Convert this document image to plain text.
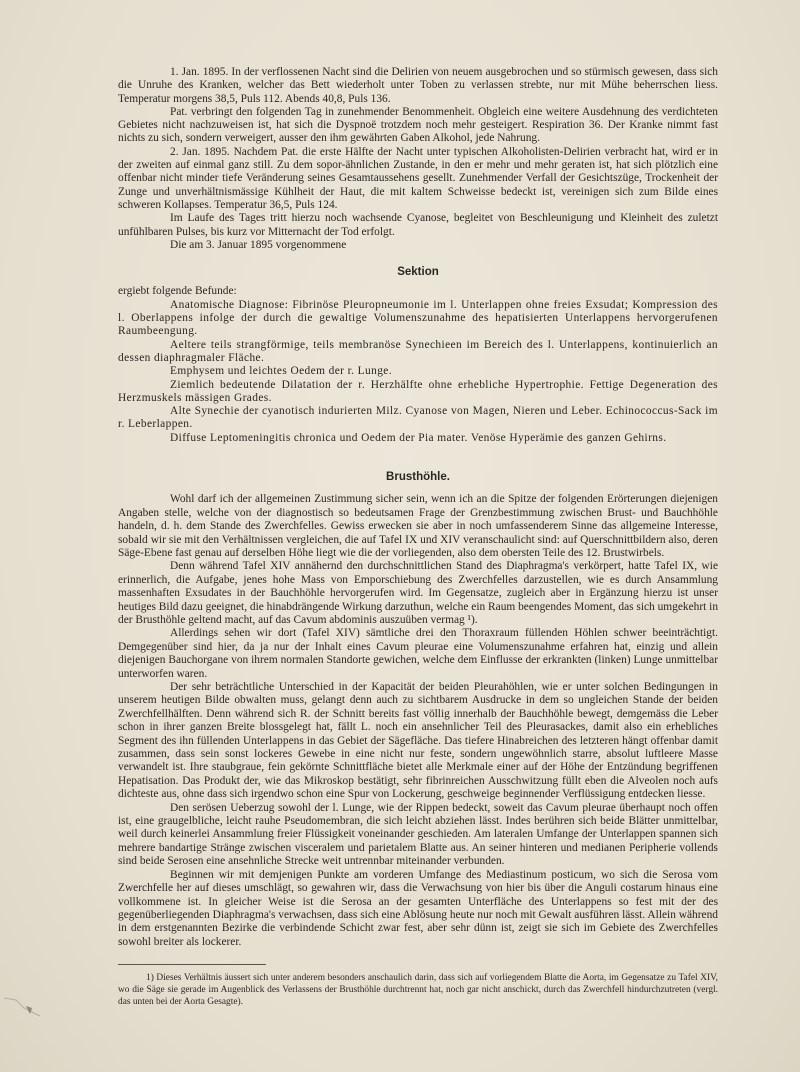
1. Jan. 1895. In der verflossenen Nacht sind die Delirien von neuem ausgebrochen und so stürmisch gewesen, dass sich die Unruhe des Kranken, welcher das Bett wiederholt unter Toben zu verlassen strebte, nur mit Mühe beherrschen liess. Temperatur morgens 38,5, Puls 112. Abends 40,8, Puls 136.

Pat. verbringt den folgenden Tag in zunehmender Benommenheit. Obgleich eine weitere Ausdehnung des verdichteten Gebietes nicht nachzuweisen ist, hat sich die Dyspnoë trotzdem noch mehr gesteigert. Respiration 36. Der Kranke nimmt fast nichts zu sich, sondern verweigert, ausser den ihm gewährten Gaben Alkohol, jede Nahrung.

2. Jan. 1895. Nachdem Pat. die erste Hälfte der Nacht unter typischen Alkoholisten-Delirien verbracht hat, wird er in der zweiten auf einmal ganz still. Zu dem sopor-ähnlichen Zustande, in den er mehr und mehr geraten ist, hat sich plötzlich eine offenbar nicht minder tiefe Veränderung seines Gesamtaussehens gesellt. Zunehmender Verfall der Gesichtszüge, Trockenheit der Zunge und unverhältnismässige Kühlheit der Haut, die mit kaltem Schweisse bedeckt ist, vereinigen sich zum Bilde eines schweren Kollapses. Temperatur 36,5, Puls 124.

Im Laufe des Tages tritt hierzu noch wachsende Cyanose, begleitet von Beschleunigung und Kleinheit des zuletzt unfühlbaren Pulses, bis kurz vor Mitternacht der Tod erfolgt.

Die am 3. Januar 1895 vorgenommene

Sektion

ergiebt folgende Befunde:

Anatomische Diagnose: Fibrinöse Pleuropneumonie im l. Unterlappen ohne freies Exsudat; Kompression des l. Oberlappens infolge der durch die gewaltige Volumenszunahme des hepatisierten Unterlappens hervorgerufenen Raumbeengung.

Aeltere teils strangförmige, teils membranöse Synechieen im Bereich des l. Unterlappens, kontinuierlich an dessen diaphragmaler Fläche.

Emphysem und leichtes Oedem der r. Lunge.

Ziemlich bedeutende Dilatation der r. Herzhälfte ohne erhebliche Hypertrophie. Fettige Degeneration des Herzmuskels mässigen Grades.

Alte Synechie der cyanotisch indurierten Milz. Cyanose von Magen, Nieren und Leber. Echinococcus-Sack im r. Leberlappen.

Diffuse Leptomeningitis chronica und Oedem der Pia mater. Venöse Hyperämie des ganzen Gehirns.

Brusthöhle.

Wohl darf ich der allgemeinen Zustimmung sicher sein, wenn ich an die Spitze der folgenden Erörterungen diejenigen Angaben stelle, welche von der diagnostisch so bedeutsamen Frage der Grenzbestimmung zwischen Brust- und Bauchhöhle handeln, d. h. dem Stande des Zwerchfelles. Gewiss erwecken sie aber in noch umfassenderem Sinne das allgemeine Interesse, sobald wir sie mit den Verhältnissen vergleichen, die auf Tafel IX und XIV veranschaulicht sind: auf Querschnittbildern also, deren Säge-Ebene fast genau auf derselben Höhe liegt wie die der vorliegenden, also dem obersten Teile des 12. Brustwirbels.

Denn während Tafel XIV annähernd den durchschnittlichen Stand des Diaphragma's verkörpert, hatte Tafel IX, wie erinnerlich, die Aufgabe, jenes hohe Mass von Emporschiebung des Zwerchfelles darzustellen, wie es durch Ansammlung massenhaften Exsudates in der Bauchhöhle hervorgerufen wird. Im Gegensatze, zugleich aber in Ergänzung hierzu ist unser heutiges Bild dazu geeignet, die hinabdrängende Wirkung darzuthun, welche ein Raum beengendes Moment, das sich umgekehrt in der Brusthöhle geltend macht, auf das Cavum abdominis auszuüben vermag ¹).

Allerdings sehen wir dort (Tafel XIV) sämtliche drei den Thoraxraum füllenden Höhlen schwer beeinträchtigt. Demgegenüber sind hier, da ja nur der Inhalt eines Cavum pleurae eine Volumenszunahme erfahren hat, einzig und allein diejenigen Bauchorgane von ihrem normalen Standorte gewichen, welche dem Einflusse der erkrankten (linken) Lunge unmittelbar unterworfen waren.

Der sehr beträchtliche Unterschied in der Kapacität der beiden Pleurahöhlen, wie er unter solchen Bedingungen in unserem heutigen Bilde obwalten muss, gelangt denn auch zu sichtbarem Ausdrucke in dem so ungleichen Stande der beiden Zwerchfellhälften. Denn während sich R. der Schnitt bereits fast völlig innerhalb der Bauchhöhle bewegt, demgemäss die Leber schon in ihrer ganzen Breite blossgelegt hat, fällt L. noch ein ansehnlicher Teil des Pleurasackes, damit also ein erhebliches Segment des ihn füllenden Unterlappens in das Gebiet der Sägefläche. Das tiefere Hinabreichen des letzteren hängt offenbar damit zusammen, dass sein sonst lockeres Gewebe in eine nicht nur feste, sondern ungewöhnlich starre, absolut luftleere Masse verwandelt ist. Ihre staubgraue, fein gekörnte Schnittfläche bietet alle Merkmale einer auf der Höhe der Entzündung begriffenen Hepatisation. Das Produkt der, wie das Mikroskop bestätigt, sehr fibrinreichen Ausschwitzung füllt eben die Alveolen noch aufs dichteste aus, ohne dass sich irgendwo schon eine Spur von Lockerung, geschweige beginnender Verflüssigung entdecken liesse.

Den serösen Ueberzug sowohl der l. Lunge, wie der Rippen bedeckt, soweit das Cavum pleurae überhaupt noch offen ist, eine graugelbliche, leicht rauhe Pseudomembran, die sich leicht abziehen lässt. Indes berühren sich beide Blätter unmittelbar, weil durch keinerlei Ansammlung freier Flüssigkeit voneinander geschieden. Am lateralen Umfange der Unterlappen spannen sich mehrere bandartige Stränge zwischen visceralem und parietalem Blatte aus. An seiner hinteren und medianen Peripherie vollends sind beide Serosen eine ansehnliche Strecke weit untrennbar miteinander verbunden.

Beginnen wir mit demjenigen Punkte am vorderen Umfange des Mediastinum posticum, wo sich die Serosa vom Zwerchfelle her auf dieses umschlägt, so gewahren wir, dass die Verwachsung von hier bis über die Anguli costarum hinaus eine vollkommene ist. In gleicher Weise ist die Serosa an der gesamten Unterfläche des Unterlappens so fest mit der des gegenüberliegenden Diaphragma's verwachsen, dass sich eine Ablösung heute nur noch mit Gewalt ausführen lässt. Allein während in dem erstgenannten Bezirke die verbindende Schicht zwar fest, aber sehr dünn ist, zeigt sie sich im Gebiete des Zwerchfelles sowohl breiter als lockerer.

1) Dieses Verhältnis äussert sich unter anderem besonders anschaulich darin, dass sich auf vorliegendem Blatte die Aorta, im Gegensatze zu Tafel XIV, wo die Säge sie gerade im Augenblick des Verlassens der Brusthöhle durchtrennt hat, noch gar nicht anschickt, durch das Zwerchfell hindurchzutreten (vergl. das unten bei der Aorta Gesagte).
